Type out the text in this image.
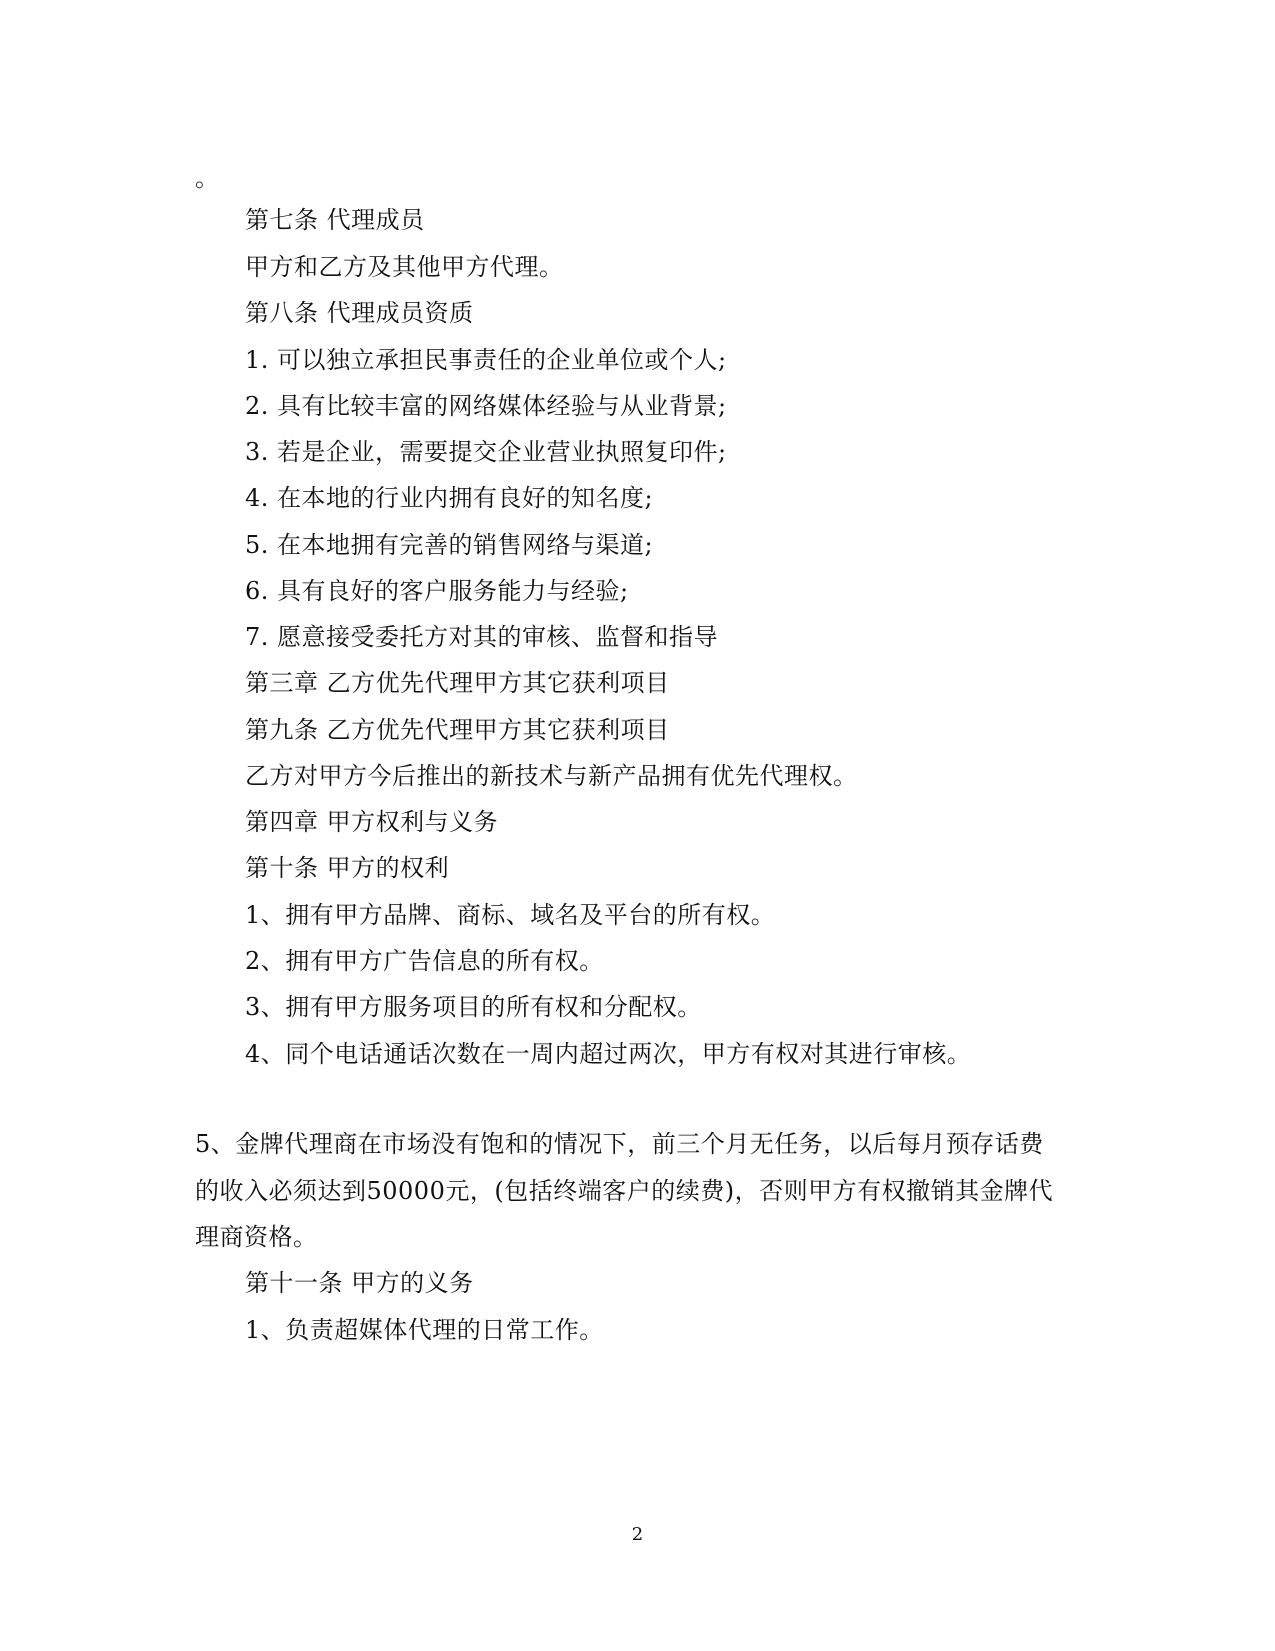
。
第七条 代理成员
甲方和乙方及其他甲方代理。
第八条 代理成员资质
1. 可以独立承担民事责任的企业单位或个人;
2. 具有比较丰富的网络媒体经验与从业背景;
3. 若是企业，需要提交企业营业执照复印件;
4. 在本地的行业内拥有良好的知名度;
5. 在本地拥有完善的销售网络与渠道;
6. 具有良好的客户服务能力与经验;
7. 愿意接受委托方对其的审核、监督和指导
第三章 乙方优先代理甲方其它获利项目
第九条 乙方优先代理甲方其它获利项目
乙方对甲方今后推出的新技术与新产品拥有优先代理权。
第四章 甲方权利与义务
第十条 甲方的权利
1、拥有甲方品牌、商标、域名及平台的所有权。
2、拥有甲方广告信息的所有权。
3、拥有甲方服务项目的所有权和分配权。
4、同个电话通话次数在一周内超过两次，甲方有权对其进行审核。
5、金牌代理商在市场没有饱和的情况下，前三个月无任务，以后每月预存话费
的收入必须达到50000元，(包括终端客户的续费)，否则甲方有权撤销其金牌代
理商资格。
第十一条 甲方的义务
1、负责超媒体代理的日常工作。
2
